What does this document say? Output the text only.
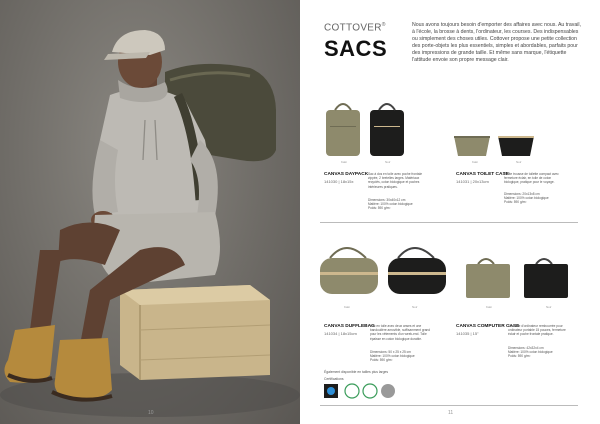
10
COTTOVER®
SACS
Nous avons toujours besoin d'emporter des affaires avec nous. Au travail, à l'école, la brosse à dents, l'ordinateur, les courses. Des indispensables ou simplement des choses utiles. Cottover propose une petite collection des porte-objets les plus essentiels, simples et abordables, parfaits pour des impressions de grande taille. Et même sans marque, l'étiquette l'attitude envoie son propre message clair.
Kaki	Noir
CANVAS DAYPACK
141030 | 18x15x
Sac à dos en toile avec poche frontale zippée, 2 bretelles larges. Matériaux recyclés, coton biologique et poches intérieures pratiques.
Dimensions: 30x40x12 cm
Matière: 100% coton biologique
Poids: 590 g/m²
Kaki	Noir
CANVAS TOILET CASE
141031 | 20x13cm
Petite trousse de toilette compact avec fermeture éclair, en toile de coton biologique, pratique pour le voyage.
Dimensions: 20x13x8 cm
Matière: 100% coton biologique
Poids: 590 g/m²
Kaki	Noir
CANVAS DUFFLEBAG
141034 | 18x15cm
Sac en toile avec deux anses et une bandoulière amovible, suffisamment grand pour les vêtements d'un week-end. Toile épaisse en coton biologique durable.
Dimensions: 50 x 25 x 25 cm
Matière: 100% coton biologique
Poids: 590 g/m²
Kaki	Noir
CANVAS COMPUTER CASE
141035 | 15"
Sacoche d'ordinateur rembourrée pour ordinateur portable 15 pouces, fermeture éclair et poche frontale pratique.
Dimensions: 42x32x4 cm
Matière: 100% coton biologique
Poids: 590 g/m²
Également disponible en tailles plus larges
Certifications
11
